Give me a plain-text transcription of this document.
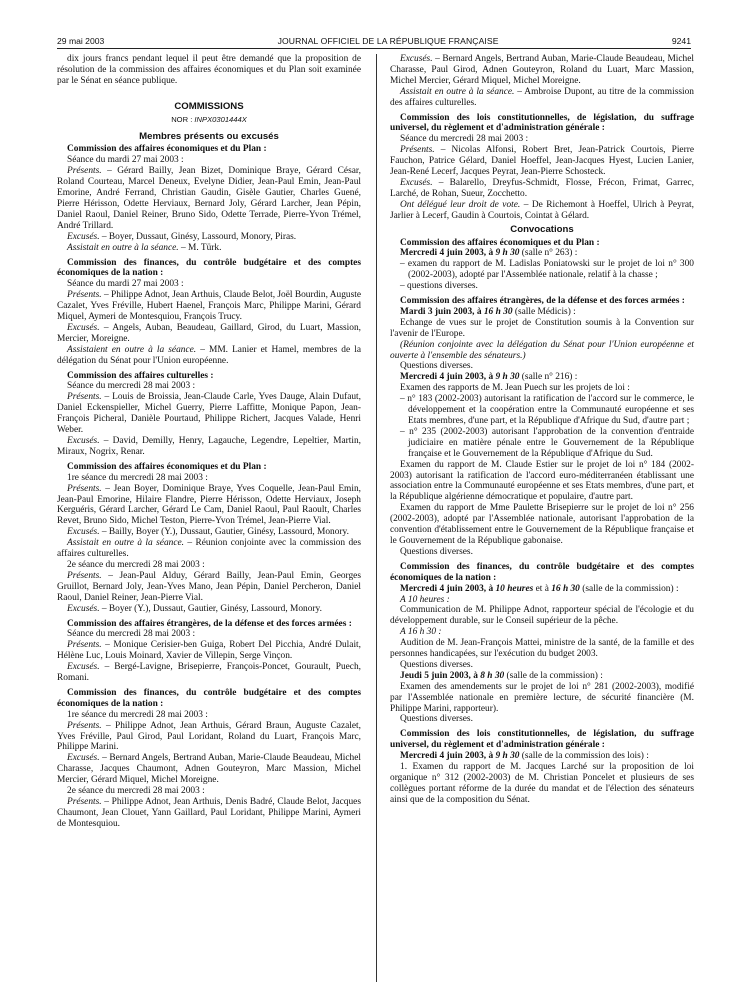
29 mai 2003	JOURNAL OFFICIEL DE LA RÉPUBLIQUE FRANÇAISE	9241

dix jours francs pendant lequel il peut être demandé que la proposition de résolution de la commission des affaires économiques et du Plan soit examinée par le Sénat en séance publique.

COMMISSIONS
NOR : INPX0301444X
Membres présents ou excusés

Commission des affaires économiques et du Plan :

Séance du mardi 27 mai 2003 :

Présents. – Gérard Bailly, Jean Bizet, Dominique Braye, Gérard César, Roland Courteau, Marcel Deneux, Evelyne Didier, Jean-Paul Emin, Jean-Paul Emorine, André Ferrand, Christian Gaudin, Gisèle Gautier, Charles Guené, Pierre Hérisson, Odette Herviaux, Bernard Joly, Gérard Larcher, Jean Pépin, Daniel Raoul, Daniel Reiner, Bruno Sido, Odette Terrade, Pierre-Yvon Trémel, André Trillard.

Excusés. – Boyer, Dussaut, Ginésy, Lassourd, Monory, Piras.

Assistait en outre à la séance. – M. Türk.

Commission des finances, du contrôle budgétaire et des comptes économiques de la nation :

Séance du mardi 27 mai 2003 :

Présents. – Philippe Adnot, Jean Arthuis, Claude Belot, Joël Bourdin, Auguste Cazalet, Yves Fréville, Hubert Haenel, François Marc, Philippe Marini, Gérard Miquel, Aymeri de Montesquiou, François Trucy.

Excusés. – Angels, Auban, Beaudeau, Gaillard, Girod, du Luart, Massion, Mercier, Moreigne.

Assistaient en outre à la séance. – MM. Lanier et Hamel, membres de la délégation du Sénat pour l'Union européenne.

Commission des affaires culturelles :

Séance du mercredi 28 mai 2003 :

Présents. – Louis de Broissia, Jean-Claude Carle, Yves Dauge, Alain Dufaut, Daniel Eckenspieller, Michel Guerry, Pierre Laffitte, Monique Papon, Jean-François Picheral, Danièle Pourtaud, Philippe Richert, Jacques Valade, Henri Weber.

Excusés. – David, Demilly, Henry, Lagauche, Legendre, Lepeltier, Martin, Miraux, Nogrix, Renar.

Commission des affaires économiques et du Plan :

1re séance du mercredi 28 mai 2003 :

Présents. – Jean Boyer, Dominique Braye, Yves Coquelle, Jean-Paul Emin, Jean-Paul Emorine, Hilaire Flandre, Pierre Hérisson, Odette Herviaux, Joseph Kerguéris, Gérard Larcher, Gérard Le Cam, Daniel Raoul, Paul Raoult, Charles Revet, Bruno Sido, Michel Teston, Pierre-Yvon Trémel, Jean-Pierre Vial.

Excusés. – Bailly, Boyer (Y.), Dussaut, Gautier, Ginésy, Lassourd, Monory.

Assistait en outre à la séance. – Réunion conjointe avec la commission des affaires culturelles.

2e séance du mercredi 28 mai 2003 :

Présents. – Jean-Paul Alduy, Gérard Bailly, Jean-Paul Emin, Georges Gruillot, Bernard Joly, Jean-Yves Mano, Jean Pépin, Daniel Percheron, Daniel Raoul, Daniel Reiner, Jean-Pierre Vial.

Excusés. – Boyer (Y.), Dussaut, Gautier, Ginésy, Lassourd, Monory.

Commission des affaires étrangères, de la défense et des forces armées :

Séance du mercredi 28 mai 2003 :

Présents. – Monique Cerisier-ben Guiga, Robert Del Picchia, André Dulait, Hélène Luc, Louis Moinard, Xavier de Villepin, Serge Vinçon.

Excusés. – Bergé-Lavigne, Brisepierre, François-Poncet, Gourault, Puech, Romani.

Commission des finances, du contrôle budgétaire et des comptes économiques de la nation :

1re séance du mercredi 28 mai 2003 :

Présents. – Philippe Adnot, Jean Arthuis, Gérard Braun, Auguste Cazalet, Yves Fréville, Paul Girod, Paul Loridant, Roland du Luart, François Marc, Philippe Marini.

Excusés. – Bernard Angels, Bertrand Auban, Marie-Claude Beaudeau, Michel Charasse, Jacques Chaumont, Adnen Gouteyron, Marc Massion, Michel Mercier, Gérard Miquel, Michel Moreigne.

2e séance du mercredi 28 mai 2003 :

Présents. – Philippe Adnot, Jean Arthuis, Denis Badré, Claude Belot, Jacques Chaumont, Jean Clouet, Yann Gaillard, Paul Loridant, Philippe Marini, Aymeri de Montesquiou.

Excusés. – Bernard Angels, Bertrand Auban, Marie-Claude Beaudeau, Michel Charasse, Paul Girod, Adnen Gouteyron, Roland du Luart, Marc Massion, Michel Mercier, Gérard Miquel, Michel Moreigne.

Assistait en outre à la séance. – Ambroise Dupont, au titre de la commission des affaires culturelles.

Commission des lois constitutionnelles, de législation, du suffrage universel, du règlement et d'administration générale :

Séance du mercredi 28 mai 2003 :

Présents. – Nicolas Alfonsi, Robert Bret, Jean-Patrick Courtois, Pierre Fauchon, Patrice Gélard, Daniel Hoeffel, Jean-Jacques Hyest, Lucien Lanier, Jean-René Lecerf, Jacques Peyrat, Jean-Pierre Schosteck.

Excusés. – Balarello, Dreyfus-Schmidt, Flosse, Frécon, Frimat, Garrec, Larché, de Rohan, Sueur, Zocchetto.

Ont délégué leur droit de vote. – De Richemont à Hoeffel, Ulrich à Peyrat, Jarlier à Lecerf, Gaudin à Courtois, Cointat à Gélard.

Convocations

Commission des affaires économiques et du Plan :

Mercredi 4 juin 2003, à 9 h 30 (salle n° 263) :

– examen du rapport de M. Ladislas Poniatowski sur le projet de loi n° 300 (2002-2003), adopté par l'Assemblée nationale, relatif à la chasse ;

– questions diverses.

Commission des affaires étrangères, de la défense et des forces armées :

Mardi 3 juin 2003, à 16 h 30 (salle Médicis) :

Echange de vues sur le projet de Constitution soumis à la Convention sur l'avenir de l'Europe.

(Réunion conjointe avec la délégation du Sénat pour l'Union européenne et ouverte à l'ensemble des sénateurs.)

Questions diverses.

Mercredi 4 juin 2003, à 9 h 30 (salle n° 216) :

Examen des rapports de M. Jean Puech sur les projets de loi :

– n° 183 (2002-2003) autorisant la ratification de l'accord sur le commerce, le développement et la coopération entre la Communauté européenne et ses Etats membres, d'une part, et la République d'Afrique du Sud, d'autre part ;

– n° 235 (2002-2003) autorisant l'approbation de la convention d'entraide judiciaire en matière pénale entre le Gouvernement de la République française et le Gouvernement de la République d'Afrique du Sud.

Examen du rapport de M. Claude Estier sur le projet de loi n° 184 (2002-2003) autorisant la ratification de l'accord euro-méditerranéen établissant une association entre la Communauté européenne et ses Etats membres, d'une part, et la République algérienne démocratique et populaire, d'autre part.

Examen du rapport de Mme Paulette Brisepierre sur le projet de loi n° 256 (2002-2003), adopté par l'Assemblée nationale, autorisant l'approbation de la convention d'établissement entre le Gouvernement de la République française et le Gouvernement de la République gabonaise.

Questions diverses.

Commission des finances, du contrôle budgétaire et des comptes économiques de la nation :

Mercredi 4 juin 2003, à 10 heures et à 16 h 30 (salle de la commission) :

A 10 heures :

Communication de M. Philippe Adnot, rapporteur spécial de l'écologie et du développement durable, sur le Conseil supérieur de la pêche.

A 16 h 30 :

Audition de M. Jean-François Mattei, ministre de la santé, de la famille et des personnes handicapées, sur l'exécution du budget 2003.

Questions diverses.

Jeudi 5 juin 2003, à 8 h 30 (salle de la commission) :

Examen des amendements sur le projet de loi n° 281 (2002-2003), modifié par l'Assemblée nationale en première lecture, de sécurité financière (M. Philippe Marini, rapporteur).

Questions diverses.

Commission des lois constitutionnelles, de législation, du suffrage universel, du règlement et d'administration générale :

Mercredi 4 juin 2003, à 9 h 30 (salle de la commission des lois) :

1. Examen du rapport de M. Jacques Larché sur la proposition de loi organique n° 312 (2002-2003) de M. Christian Poncelet et plusieurs de ses collègues portant réforme de la durée du mandat et de l'élection des sénateurs ainsi que de la composition du Sénat.
